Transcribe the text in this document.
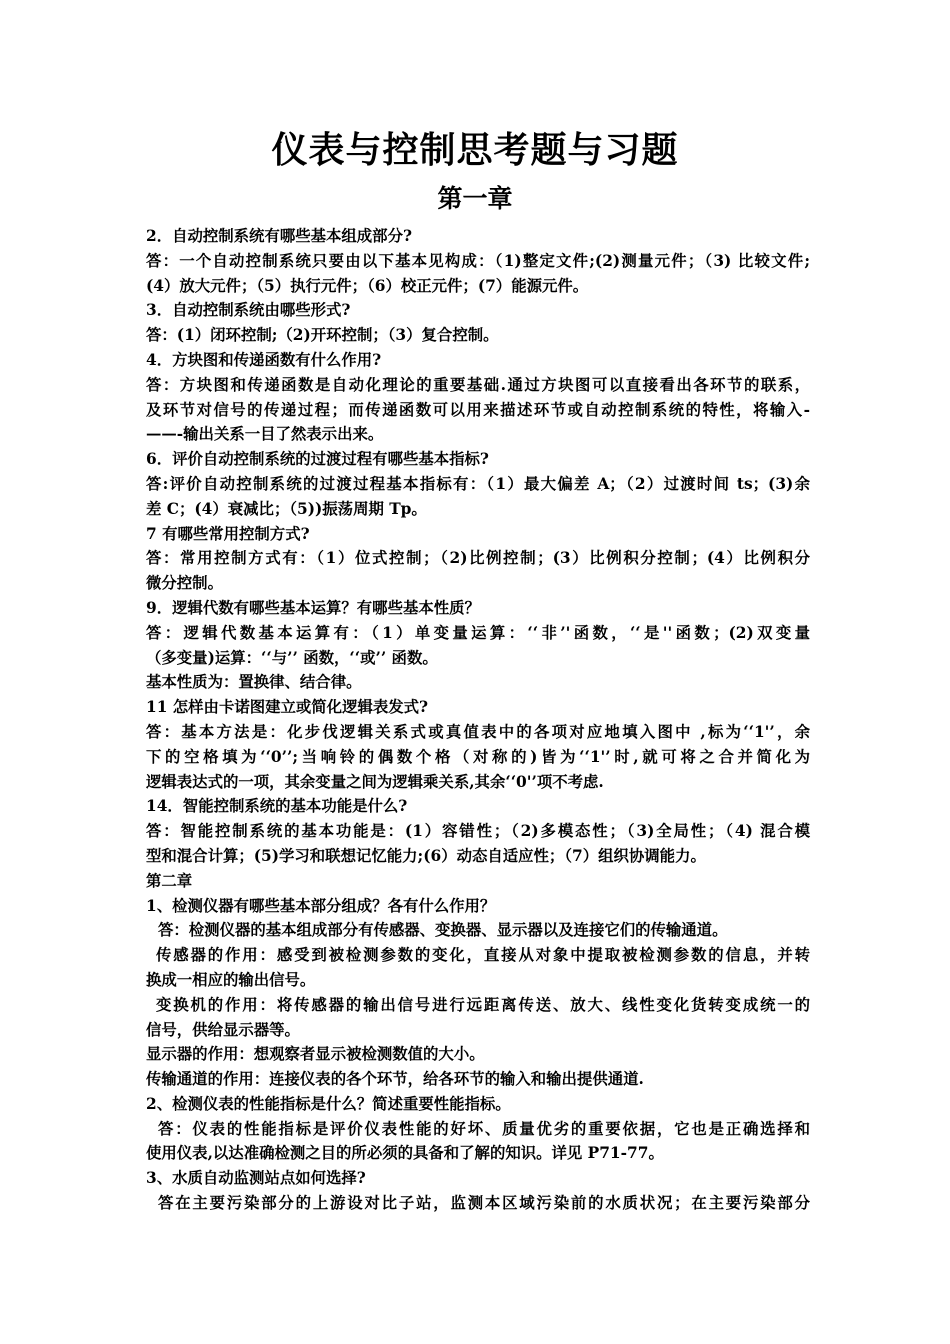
仪表与控制思考题与习题
第一章
2．自动控制系统有哪些基本组成部分?
答：一个自动控制系统只要由以下基本见构成：（1)整定文件;(2)测量元件；（3) 比较文件;
(4）放大元件；（5）执行元件；（6）校正元件；(7）能源元件。
3．自动控制系统由哪些形式?
答：(1）闭环控制;（2)开环控制；（3）复合控制。
4．方块图和传递函数有什么作用?
答：方块图和传递函数是自动化理论的重要基础.通过方块图可以直接看出各环节的联系，
及环节对信号的传递过程；而传递函数可以用来描述环节或自动控制系统的特性，将输入-
——-输出关系一目了然表示出来。
6．评价自动控制系统的过渡过程有哪些基本指标?
答:评价自动控制系统的过渡过程基本指标有：（1）最大偏差 A；（2）过渡时间 ts；(3)余
差 C；(4）衰减比；（5))振荡周期 Tp。
7 有哪些常用控制方式?
答：常用控制方式有：（1）位式控制；（2)比例控制；(3）比例积分控制；(4）比例积分
微分控制。
9．逻辑代数有哪些基本运算？有哪些基本性质？
答：逻辑代数基本运算有：（1）单变量运算：‘‘非’'函数，‘‘是''函数；(2)双变量
（多变量)运算：‘‘与’’ 函数，‘‘或’’ 函数。
基本性质为：置换律、结合律。
11 怎样由卡诺图建立或简化逻辑表发式?
答：基本方法是：化步伐逻辑关系式或真值表中的各项对应地填入图中 ,标为‘‘1'’，余
下的空格填为‘‘0’’;当响铃的偶数个格（对称的)皆为‘‘1'’时,就可将之合并简化为
逻辑表达式的一项，其余变量之间为逻辑乘关系,其余‘‘0'’项不考虑.
14．智能控制系统的基本功能是什么?
答：智能控制系统的基本功能是：(1）容错性；（2)多模态性；（3)全局性；（4) 混合模
型和混合计算；(5)学习和联想记忆能力;(6）动态自适应性；（7）组织协调能力。
第二章
1、检测仪器有哪些基本部分组成？各有什么作用？
答：检测仪器的基本组成部分有传感器、变换器、显示器以及连接它们的传输通道。
传感器的作用：感受到被检测参数的变化，直接从对象中提取被检测参数的信息，并转
换成一相应的输出信号。
变换机的作用：将传感器的输出信号进行远距离传送、放大、线性变化货转变成统一的
信号，供给显示器等。
显示器的作用：想观察者显示被检测数值的大小。
传输通道的作用：连接仪表的各个环节，给各环节的输入和输出提供通道.
2、检测仪表的性能指标是什么？简述重要性能指标。
答：仪表的性能指标是评价仪表性能的好坏、质量优劣的重要依据，它也是正确选择和
使用仪表,以达准确检测之目的所必须的具备和了解的知识。详见 P71-77。
3、水质自动监测站点如何选择?
答在主要污染部分的上游设对比子站，监测本区域污染前的水质状况；在主要污染部分
